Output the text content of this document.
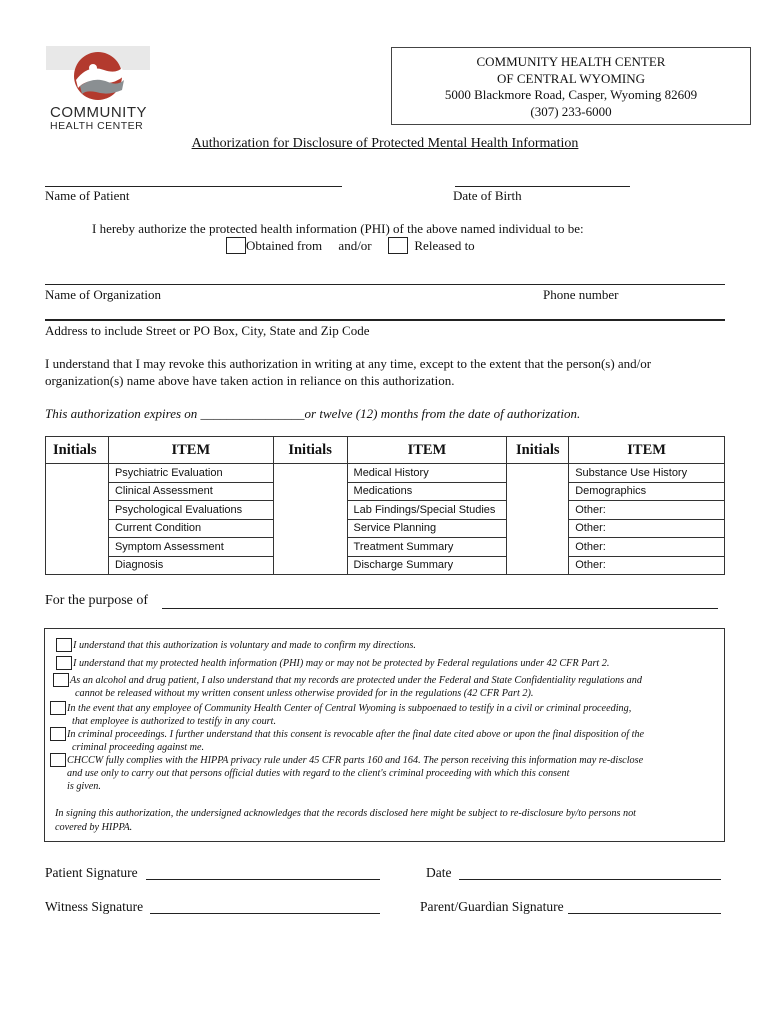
COMMUNITY
HEALTH CENTER
COMMUNITY HEALTH CENTER
OF CENTRAL WYOMING
5000 Blackmore Road, Casper, Wyoming 82609
(307) 233-6000
Authorization for Disclosure of Protected Mental Health Information
Name of Patient	Date of Birth
I hereby authorize the protected health information (PHI) of the above named individual to be:
Obtained from and/or	Released to
Name of Organization	Phone number
Address to include Street or PO Box, City, State and Zip Code
I understand that I may revoke this authorization in writing at any time, except to the extent that the person(s) and/or
organization(s) name above have taken action in reliance on this authorization.
This authorization expires on ________________or twelve (12) months from the date of authorization.
Initials	ITEM	Initials	ITEM	Initials	ITEM
	Psychiatric Evaluation		Medical History		Substance Use History
	Clinical Assessment		Medications		Demographics
	Psychological Evaluations		Lab Findings/Special Studies		Other:
	Current Condition		Service Planning		Other:
	Symptom Assessment		Treatment Summary		Other:
	Diagnosis		Discharge Summary		Other:
For the purpose of
I understand that this authorization is voluntary and made to confirm my directions.
I understand that my protected health information (PHI) may or may not be protected by Federal regulations under 42 CFR Part 2.
As an alcohol and drug patient, I also understand that my records are protected under the Federal and State Confidentiality regulations and
cannot be released without my written consent unless otherwise provided for in the regulations (42 CFR Part 2).
In the event that any employee of Community Health Center of Central Wyoming is subpoenaed to testify in a civil or criminal proceeding,
that employee is authorized to testify in any court.
In criminal proceedings. I further understand that this consent is revocable after the final date cited above or upon the final disposition of the
criminal proceeding against me.
CHCCW fully complies with the HIPPA privacy rule under 45 CFR parts 160 and 164. The person receiving this information may re-disclose
and use only to carry out that persons official duties with regard to the client's criminal proceeding with which this consent
is given.
In signing this authorization, the undersigned acknowledges that the records disclosed here might be subject to re-disclosure by/to persons not
covered by HIPPA.
Patient Signature	Date
Witness Signature	Parent/Guardian Signature
